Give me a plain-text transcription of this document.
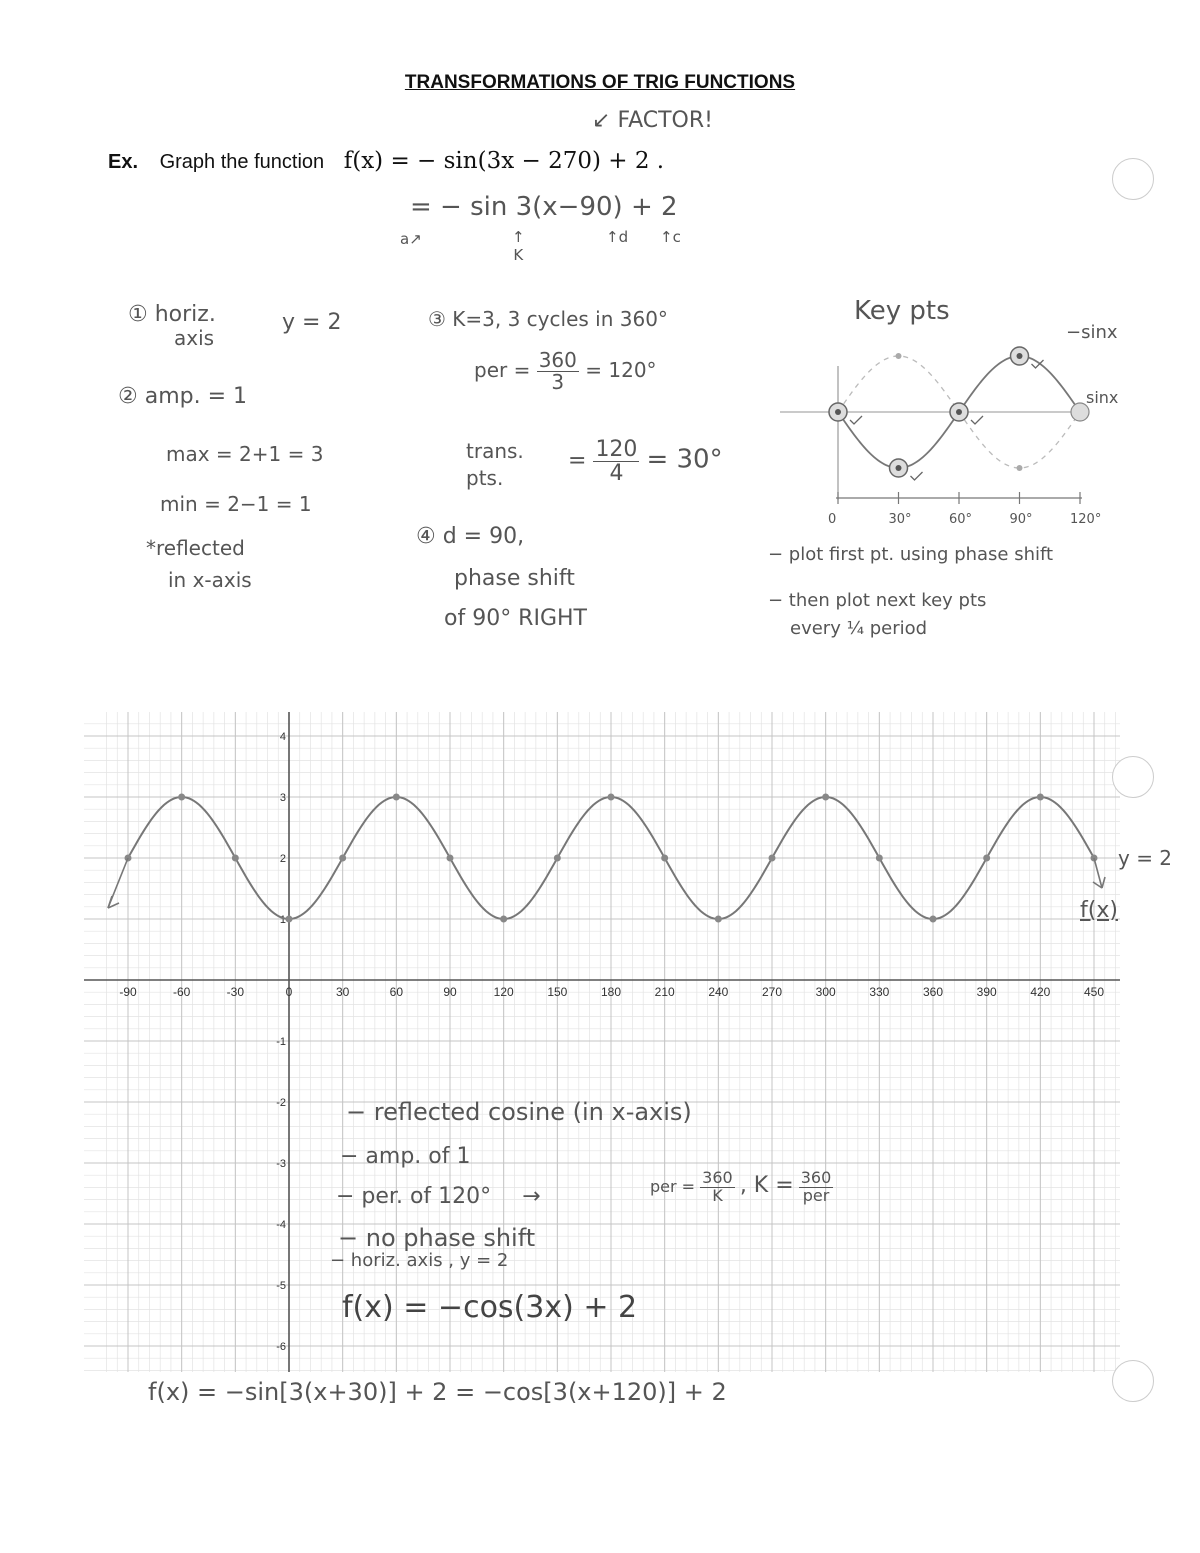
TRANSFORMATIONS OF TRIG FUNCTIONS
↙ FACTOR!
Ex. Graph the function f(x) = − sin(3x − 270) + 2 .
= − sin 3(x−90) + 2
a↗	↑
K
↑d ↑c
① horiz.
axis
y = 2
② amp. = 1
max = 2+1 = 3
min = 2−1 = 1
*reflected
in x-axis
③ K=3, 3 cycles in 360°
per = $\frac{360}{3} = 120^\circ$
trans.
pts.
= $\frac{120}{4} = 30^\circ$
④ d = 90,
phase shift
of 90° RIGHT
Key pts
−sinx
sinx
0	30°	60°	90°	120°
− plot first pt. using phase shift
− then plot next key pts
every ¼ period
-90	-60	-30	0	30	60	90	120	150	180	210	240	270	300	330	360	390	420	450
-6
-5
-4
-3
-2
-1
1
2
3
4
y = 2
f(x)
− reflected cosine (in x-axis)
− amp. of 1
− per. of 120° →	per = $\frac{360}{K}$ , $K = \frac{360}{\text{per}}$
− no phase shift
− horiz. axis , y = 2
f(x) = −cos(3x) + 2
f(x) = −sin[3(x+30)] + 2 = −cos[3(x+120)] + 2
